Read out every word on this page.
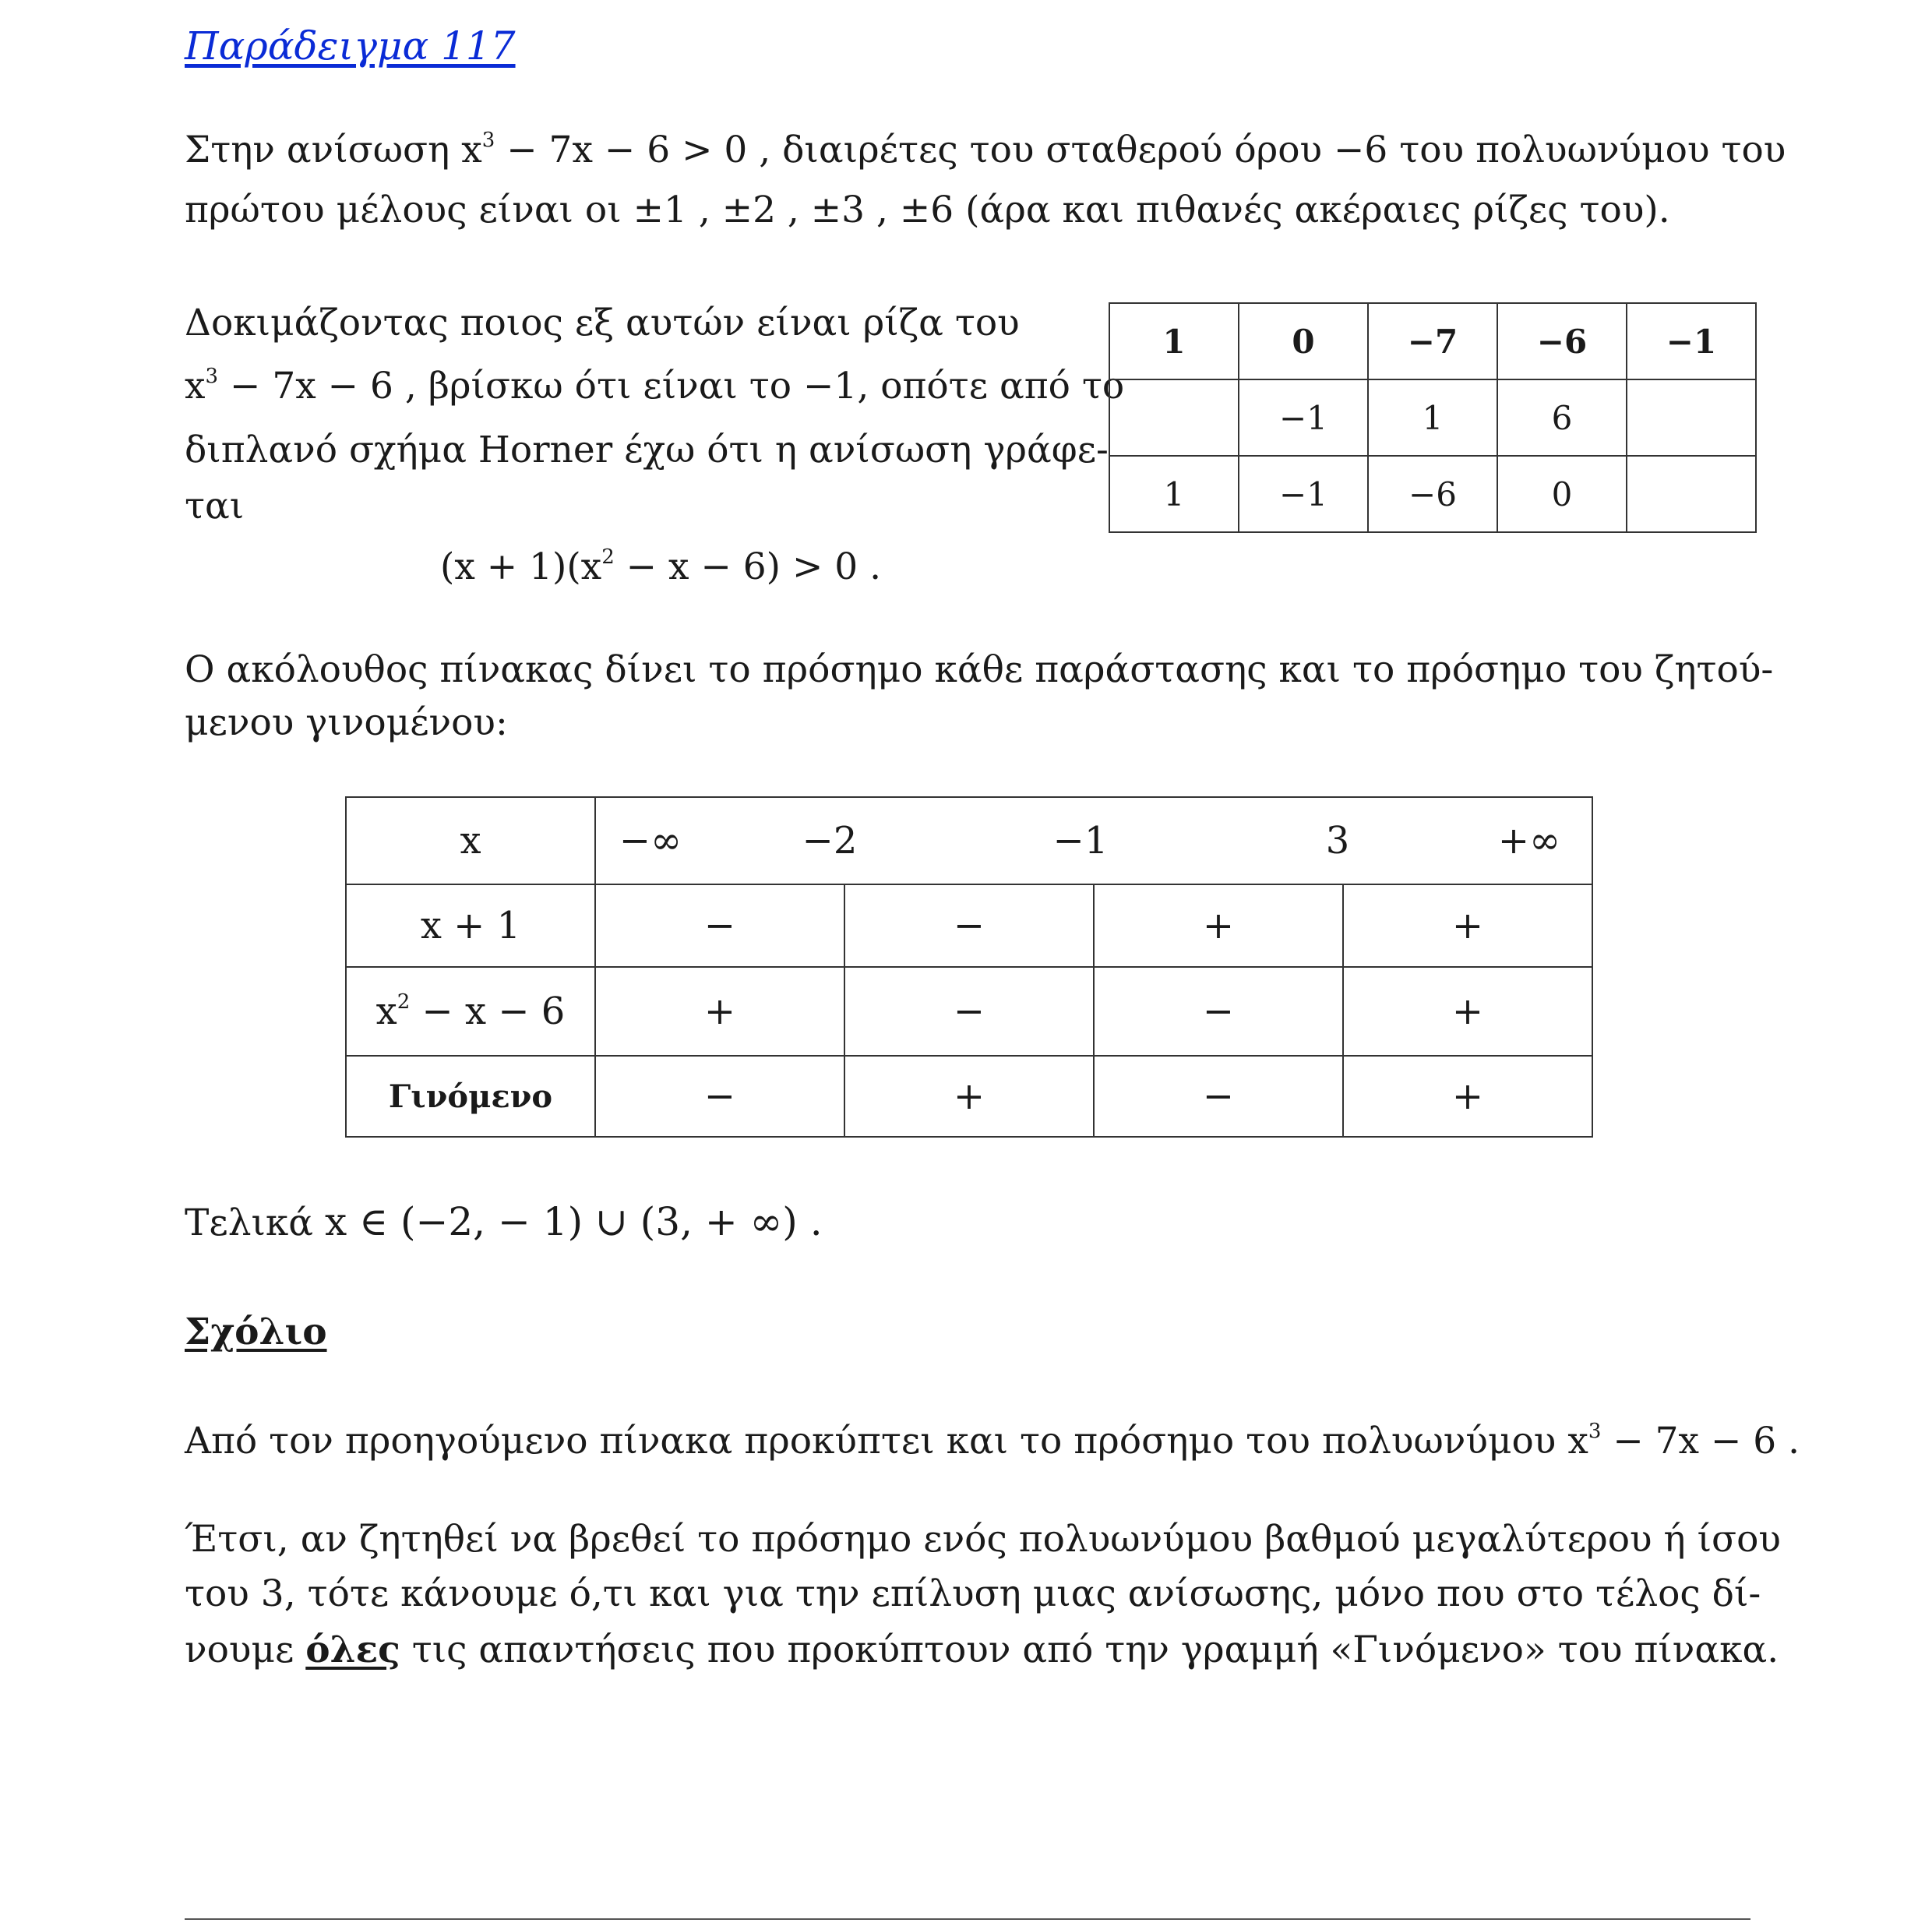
Παράδειγμα 117

Στην ανίσωση $x^3 - 7x - 6 > 0$ , διαιρέτες του σταθερού όρου −6 του πολυωνύμου του

πρώτου μέλους είναι οι ±1 , ±2 , ±3 , ±6 (άρα και πιθανές ακέραιες ρίζες του).

Δοκιμάζοντας ποιος εξ αυτών είναι ρίζα του

$x^3 - 7x - 6$ , βρίσκω ότι είναι το −1, οπότε από το

διπλανό σχήμα Horner έχω ότι η ανίσωση γράφε-

ται

$(x + 1)(x^2 - x - 6) > 0$ .

1	0	−7	−6	−1
	−1	1	6	
1	−1	−6	0	

Ο ακόλουθος πίνακας δίνει το πρόσημο κάθε παράστασης και το πρόσημο του ζητού-

μενου γινομένου:

x	−∞ −2 −1 3 +∞			

x + 1	−	−	+	+
$x^2 - x - 6$	+	−	−	+
Γινόμενο	−	+	−	+

Τελικά x ∈ (−2, − 1) ∪ (3, + ∞) .

Σχόλιο

Από τον προηγούμενο πίνακα προκύπτει και το πρόσημο του πολυωνύμου $x^3 - 7x - 6$ .

Έτσι, αν ζητηθεί να βρεθεί το πρόσημο ενός πολυωνύμου βαθμού μεγαλύτερου ή ίσου

του 3, τότε κάνουμε ό,τι και για την επίλυση μιας ανίσωσης, μόνο που στο τέλος δί-

νουμε όλες τις απαντήσεις που προκύπτουν από την γραμμή «Γινόμενο» του πίνακα.
